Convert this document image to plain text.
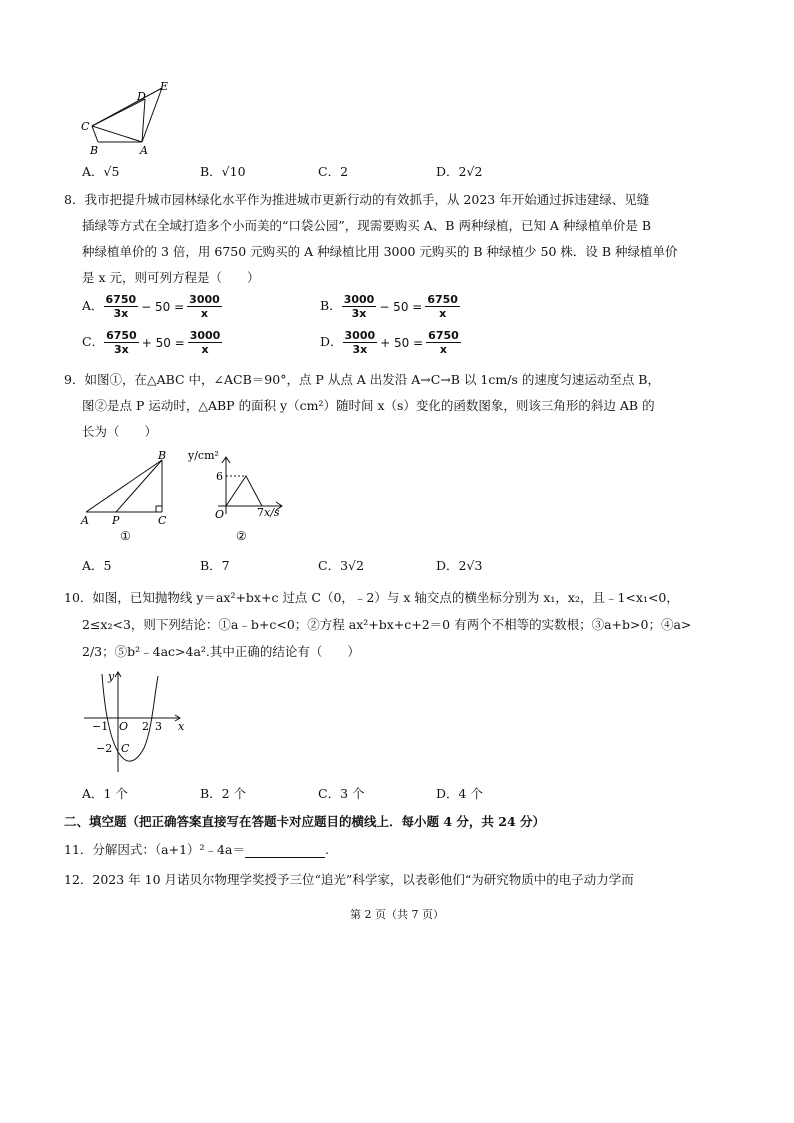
C
B	A
D
E
A．√5	B．√10	C．2	D．2√2
8．我市把提升城市园林绿化水平作为推进城市更新行动的有效抓手，从 2023 年开始通过拆违建绿、见缝
插绿等方式在全域打造多个小而美的“口袋公园”，现需要购买 A、B 两种绿植，已知 A 种绿植单价是 B
种绿植单价的 3 倍，用 6750 元购买的 A 种绿植比用 3000 元购买的 B 种绿植少 50 株．设 B 种绿植单价
是 x 元，则可列方程是（　　）
A． $\frac{6750}{3x} - 50 = \frac{3000}{x}$	B． $\frac{3000}{3x} - 50 = \frac{6750}{x}$
C． $\frac{6750}{3x} + 50 = \frac{3000}{x}$	D． $\frac{3000}{3x} + 50 = \frac{6750}{x}$
9．如图①，在△ABC 中，∠ACB＝90°，点 P 从点 A 出发沿 A→C→B 以 1cm/s 的速度匀速运动至点 B，
图②是点 P 运动时，△ABP 的面积 y（cm²）随时间 x（s）变化的函数图象，则该三角形的斜边 AB 的
长为（　　）
B
A P	C
①
y/cm²
6
O	7 x/s
②
A．5	B．7	C．3√2	D．2√3
10．如图，已知抛物线 y＝ax²+bx+c 过点 C（0，﹣2）与 x 轴交点的横坐标分别为 x₁，x₂，且﹣1<x₁<0，
2≤x₂<3，则下列结论：①a﹣b+c<0；②方程 ax²+bx+c+2＝0 有两个不相等的实数根；③a+b>0；④a>
2/3；⑤b²﹣4ac>4a².其中正确的结论有（　　）
y
x
−1 O 2 3
−2 C
A．1 个	B．2 个	C．3 个	D．4 个
二、填空题（把正确答案直接写在答题卡对应题目的横线上．每小题 4 分，共 24 分）
11．分解因式：（a+1）²﹣4a＝	.
12．2023 年 10 月诺贝尔物理学奖授予三位“追光”科学家，以表彰他们“为研究物质中的电子动力学而
第 2 页（共 7 页）
